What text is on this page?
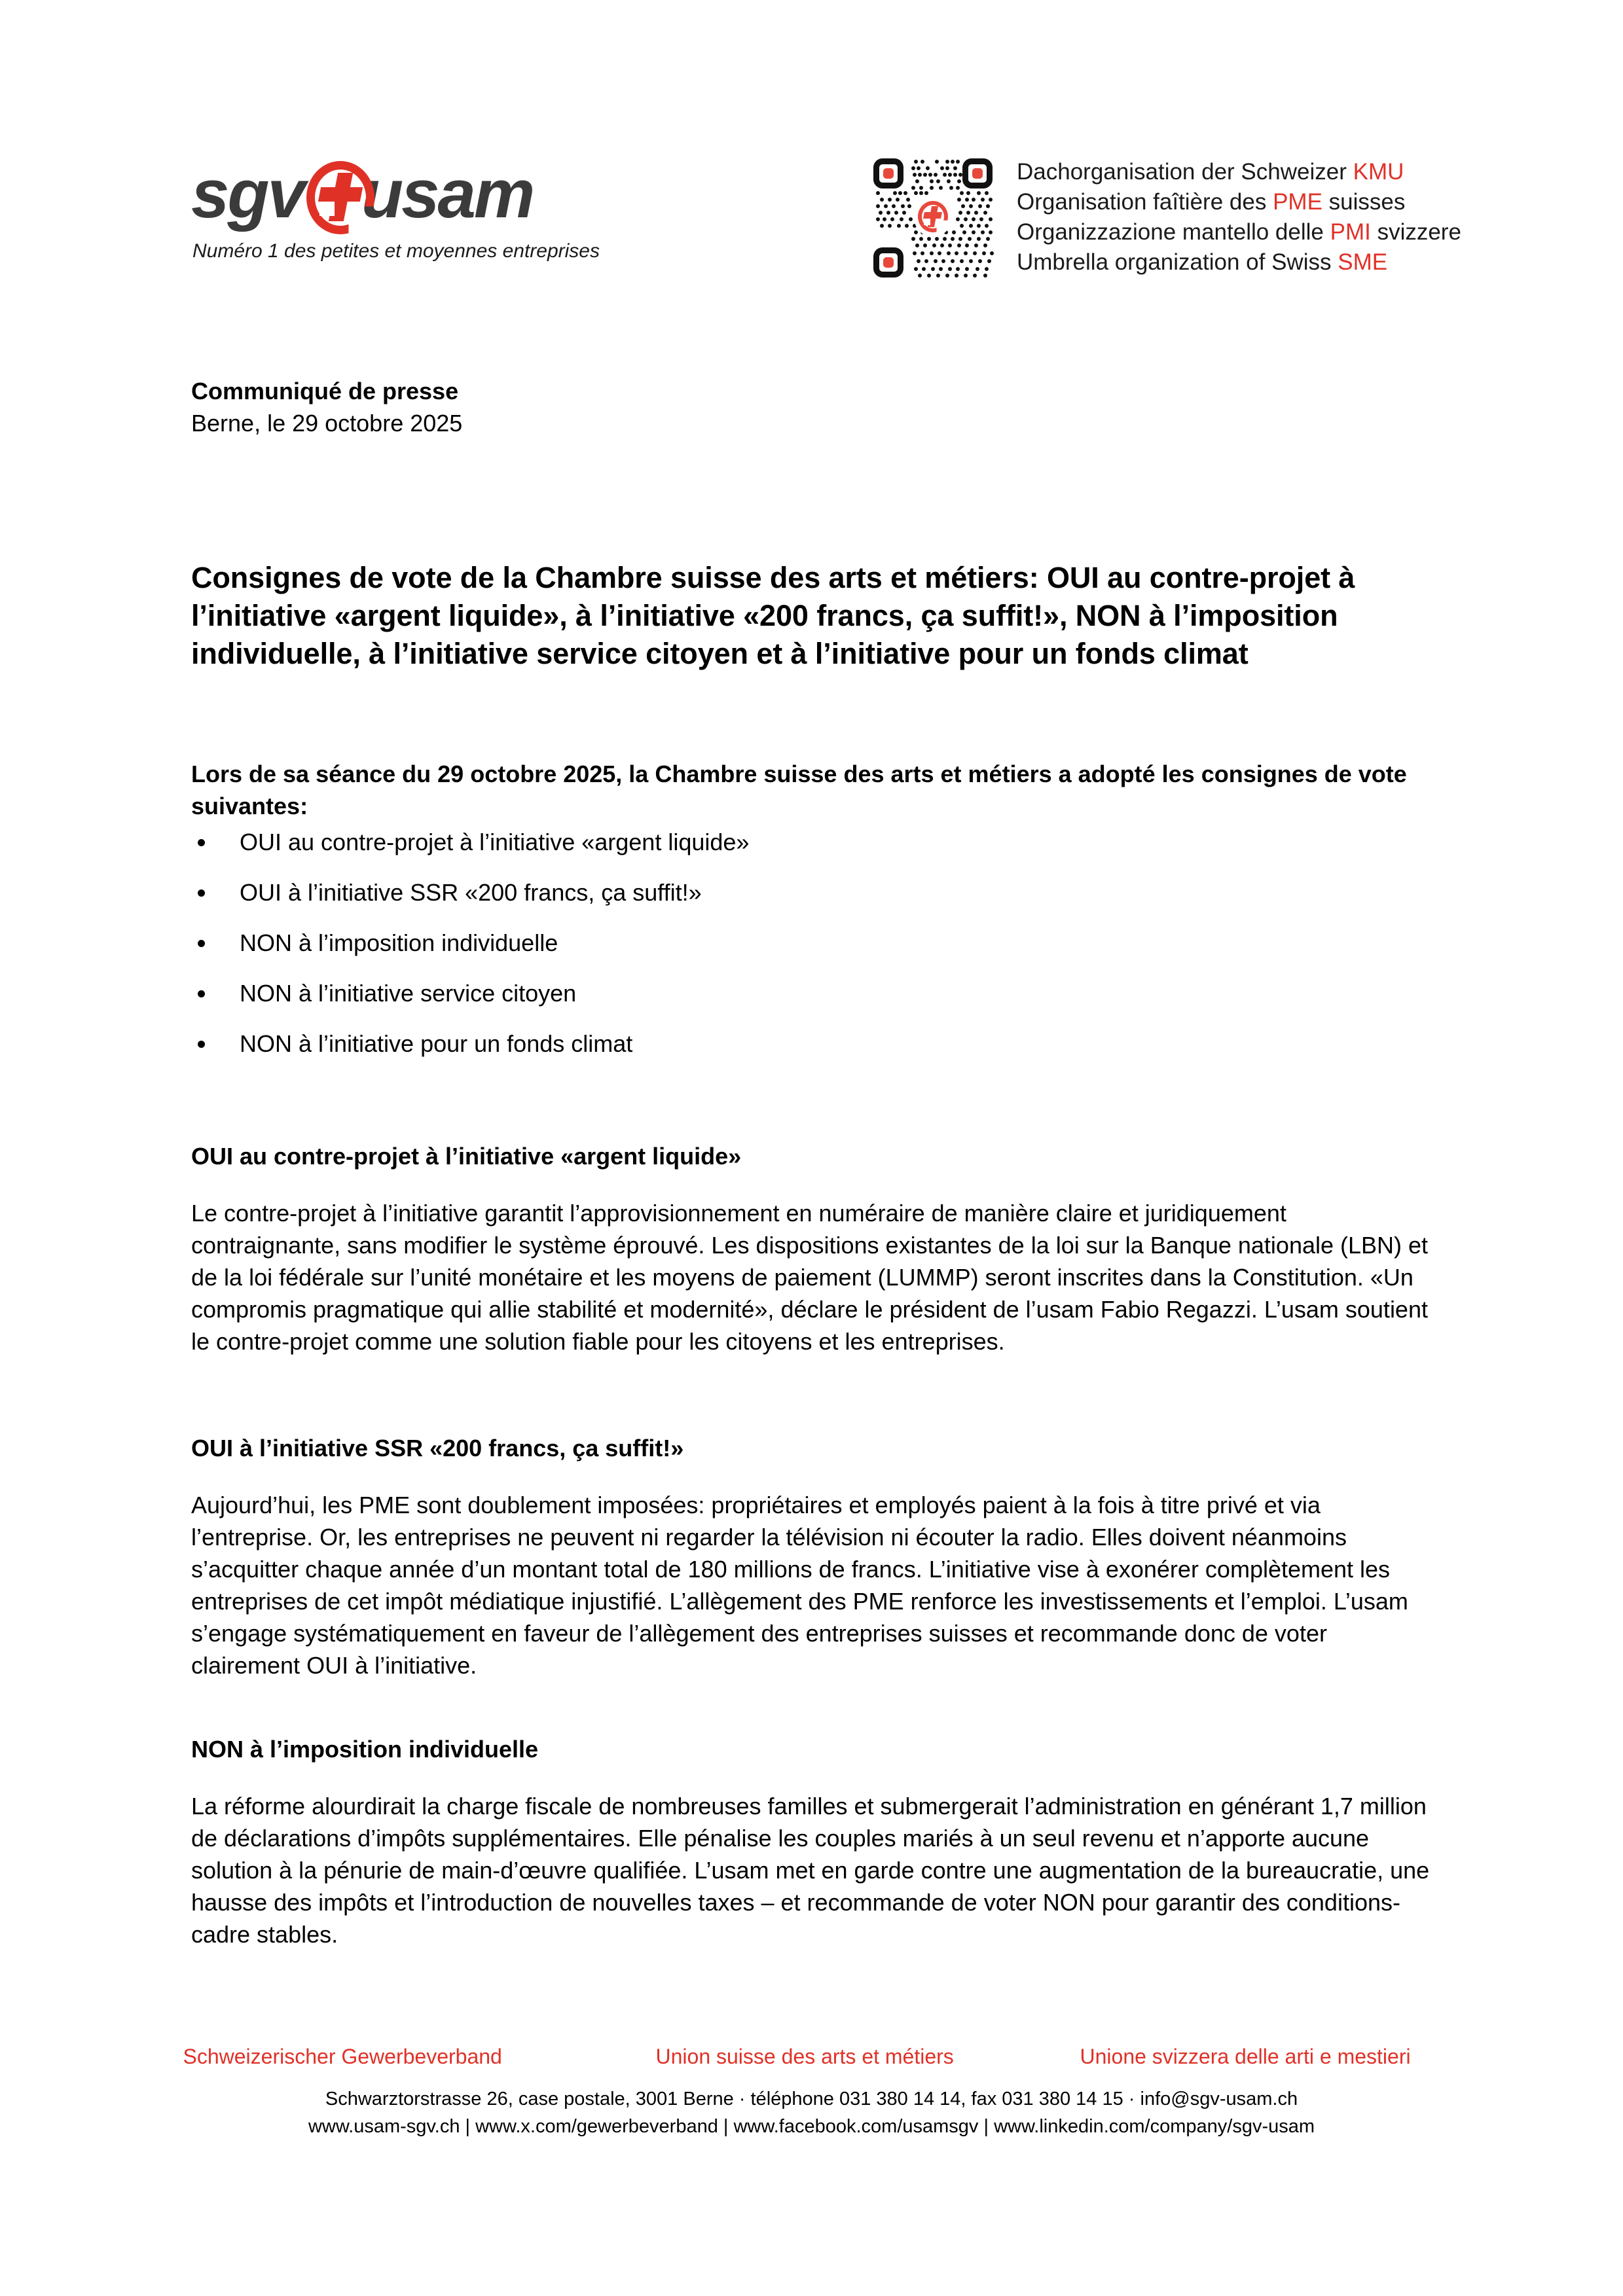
sgv usam
Numéro 1 des petites et moyennes entreprises
Dachorganisation der Schweizer KMU
Organisation faîtière des PME suisses
Organizzazione mantello delle PMI svizzere
Umbrella organization of Swiss SME
Communiqué de presse
Berne, le 29 octobre 2025
Consignes de vote de la Chambre suisse des arts et métiers: OUI au contre-projet à l’initiative «argent liquide», à l’initiative «200 francs, ça suffit!», NON à l’imposition individuelle, à l’initiative service citoyen et à l’initiative pour un fonds climat

Lors de sa séance du 29 octobre 2025, la Chambre suisse des arts et métiers a adopté les consignes de vote suivantes:

OUI au contre-projet à l’initiative «argent liquide»
OUI à l’initiative SSR «200 francs, ça suffit!»
NON à l’imposition individuelle
NON à l’initiative service citoyen
NON à l’initiative pour un fonds climat
OUI au contre-projet à l’initiative «argent liquide»

Le contre-projet à l’initiative garantit l’approvisionnement en numéraire de manière claire et juridiquement contraignante, sans modifier le système éprouvé. Les dispositions existantes de la loi sur la Banque nationale (LBN) et de la loi fédérale sur l’unité monétaire et les moyens de paiement (LUMMP) seront inscrites dans la Constitution. «Un compromis pragmatique qui allie stabilité et modernité», déclare le président de l’usam Fabio Regazzi. L’usam soutient le contre-projet comme une solution fiable pour les citoyens et les entreprises.

OUI à l’initiative SSR «200 francs, ça suffit!»

Aujourd’hui, les PME sont doublement imposées: propriétaires et employés paient à la fois à titre privé et via l’entreprise. Or, les entreprises ne peuvent ni regarder la télévision ni écouter la radio. Elles doivent néanmoins s’acquitter chaque année d’un montant total de 180 millions de francs. L’initiative vise à exonérer complètement les entreprises de cet impôt médiatique injustifié. L’allègement des PME renforce les investissements et l’emploi. L’usam s’engage systématiquement en faveur de l’allègement des entreprises suisses et recommande donc de voter clairement OUI à l’initiative.

NON à l’imposition individuelle

La réforme alourdirait la charge fiscale de nombreuses familles et submergerait l’administration en générant 1,7 million de déclarations d’impôts supplémentaires. Elle pénalise les couples mariés à un seul revenu et n’apporte aucune solution à la pénurie de main-d’œuvre qualifiée. L’usam met en garde contre une augmentation de la bureaucratie, une hausse des impôts et l’introduction de nouvelles taxes – et recommande de voter NON pour garantir des conditions-cadre stables.

Schweizerischer Gewerbeverband	Union suisse des arts et métiers	Unione svizzera delle arti e mestieri
Schwarztorstrasse 26, case postale, 3001 Berne · téléphone 031 380 14 14, fax 031 380 14 15 · info@sgv-usam.ch
www.usam-sgv.ch | www.x.com/gewerbeverband | www.facebook.com/usamsgv | www.linkedin.com/company/sgv-usam
